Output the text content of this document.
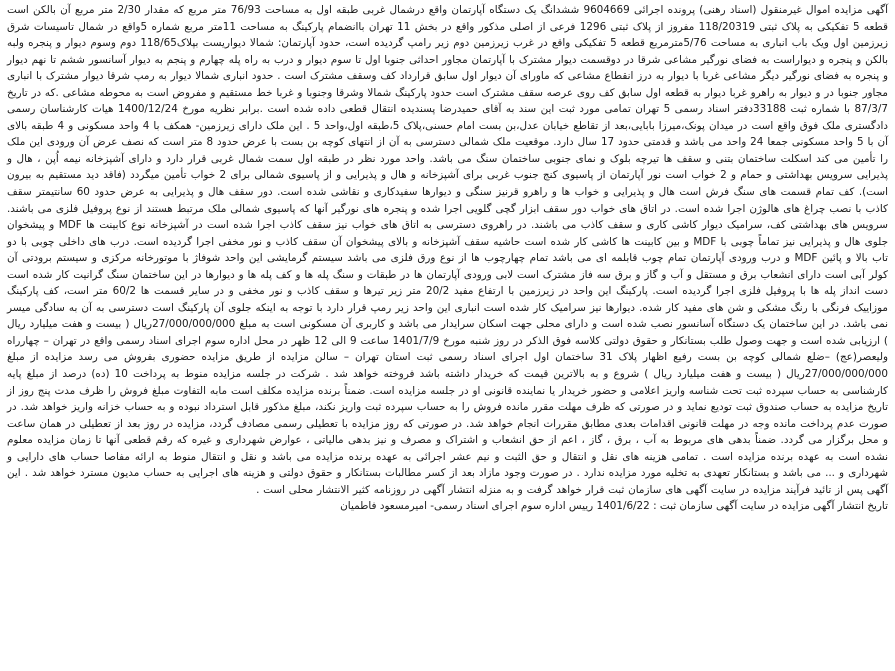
آگهی مزایده اموال غیرمنقول (اسناد رهنی) پرونده اجرائی 9604669 ششدانگ یک دستگاه آپارتمان واقع درشمال غربی طبقه اول به مساحت 76/93 متر مربع که مقدار 2/30 متر مربع آن بالکن است قطعه 5 تفکیکی به پلاک ثبتی 118/20319 مفروز از پلاک ثبتی 1296 فرعی از اصلی مذکور واقع در بخش 11 تهران باانضمام پارکینگ به مساحت 11متر مربع شماره 5واقع در شمال تاسیسات شرق زیرزمین اول ویک باب انباری به مساحت 5/76مترمربع قطعه 5 تفکیکی واقع در غرب زیرزمین دوم زیر رامپ گردیده است، حدود آپارتمان: شمالا دیواریست بپلاک118/65 دوم وسوم دیوار و پنجره ولبه بالکن و پنجره و دیواراست به فضای نورگیر مشاعی شرقا در دوقسمت دیوار مشترک با آپارتمان مجاور احداثی جنوبا اول تا سوم دیوار و درب به راه پله چهارم و پنجم به دیوار آسانسور ششم تا نهم دیوار و پنجره به فضای نورگیر دیگر مشاعی غربا با دیوار به درز انقطاع مشاعی که ماورای آن دیوار اول سابق قرارداد کف وسقف مشترک است . حدود انباری شمالا دیوار به رمپ شرقا دیوار مشترک با انباری مجاور جنوبا در و دیوار به راهرو غربا دیوار به قطعه اول سابق کف روی عرصه سقف مشترک است حدود پارکینگ شمالا وشرقا وجنوبا و غربا خط مستقیم و مفروض است به محوطه مشاعی .که در تاریخ 87/3/7 با شماره ثبت 33188دفتر اسناد رسمی 5 تهران تمامی مورد ثبت این سند به آقای حمیدرضا پسندیده انتقال قطعی داده شده است .برابر نظریه مورخ 1400/12/24 هیات کارشناسان رسمی دادگستری ملک فوق واقع است در میدان پونک،میرزا بابایی،بعد از تقاطع خیابان عدل،بن بست امام حسنی،پلاک 5،طبقه اول،واحد 5 . این ملک دارای زیرزمین- همکف با 4 واحد مسکونی و 4 طبقه بالای آن با 5 واحد مسکونی جمعا 24 واحد می باشد و قدمتی حدود 17 سال دارد. موقعیت ملک شمالی دسترسی به آن از انتهای کوچه بن بست با عرض حدود 8 متر است که نصف عرض آن ورودی این ملک را تأمین می کند اسکلت ساختمان بتنی و سقف ها تیرچه بلوک و نمای جنوبی ساختمان سنگ می باشد. واحد مورد نظر در طبقه اول سمت شمال غربی قرار دارد و دارای آشپزخانه نیمه اُپن ، هال و پذیرایی سرویس بهداشتی و حمام و 2 خواب است نور آپارتمان از پاسیوی کنج جنوب غربی برای آشپزخانه و هال و پذیرایی و از پاسیوی شمالی برای 2 خواب تأمین میگردد (فاقد دید مستقیم به بیرون است). کف تمام قسمت های سنگ فرش است هال و پذیرایی و خواب ها و راهرو قرنیز سنگی و دیوارها سفیدکاری و نقاشی شده است. دور سقف هال و پذیرایی به عرض حدود 60 سانتیمتر سقف کاذب با نصب چراغ های هالوژن اجرا شده است. در اتاق های خواب دور سقف ابزار گچی گلویی اجرا شده و پنجره های نورگیر آنها که پاسیوی شمالی ملک مرتبط هستند از نوع پروفیل فلزی می باشند. سرویس های بهداشتی کف، سرامیک دیوار کاشی کاری و سقف کاذب می باشند. در راهروی دسترسی به اتاق های خواب نیز سقف کاذب اجرا شده است در آشپزخانه نوع کابینت ها MDF و پیشخوان جلوی هال و پذیرایی نیز تماماً چوبی با MDF و بین کابینت ها کاشی کار شده است حاشیه سقف آشپزخانه و بالای پیشخوان آن سقف کاذب و نور مخفی اجرا گردیده است. درب های داخلی چوبی با دو تاب بالا و پائین MDF و درب ورودی آپارتمان تمام چوب قابلمه ای می باشد تمام چهارچوب ها از نوع ورق فلزی می باشد سیستم گرمایشی این واحد شوفاژ با موتورخانه مرکزی و سیستم برودتی آن کولر آبی است دارای انشعاب برق و مستقل و آب و گاز و برق سه فاز مشترک است لابی ورودی آپارتمان ها در طبقات و سنگ پله ها و کف پله ها و دیوارها در این ساختمان سنگ گرانیت کار شده است دست انداز پله ها با پروفیل فلزی اجرا گردیده است. پارکینگ این واحد در زیرزمین با ارتفاع مفید 20/2 متر زیر تیرها و سقف کاذب و نور مخفی و در سایر قسمت ها 60/2 متر است، کف پارکینگ موزاییک فرنگی با رنگ مشکی و شن های مفید کار شده. دیوارها نیز سرامیک کار شده است انباری این واحد زیر رمپ قرار دارد با توجه به اینکه جلوی آن پارکینگ است دسترسی به آن به سادگی میسر نمی باشد. در این ساختمان یک دستگاه آسانسور نصب شده است و دارای محلی جهت اسکان سرایدار می باشد و کاربری آن مسکونی است به مبلغ 27/000/000/000ریال ( بیست و هفت میلیارد ریال ) ارزیابی شده است و جهت وصول طلب بستانکار و حقوق دولتی کلاسه فوق الذکر در روز شنبه مورخ 1401/7/9 ساعت 9 الی 12 ظهر در محل اداره سوم اجرای اسناد رسمی واقع در تهران – چهارراه ولیعصر(عج) –ضلع شمالی کوچه بن بست رفیع اظهار پلاک 31 ساختمان اول اجرای اسناد رسمی ثبت استان تهران – سالن مزایده از طریق مزایده حضوری بفروش می رسد مزایده از مبلغ 27/000/000/000ریال ( بیست و هفت میلیارد ریال ) شروع و به بالاترین قیمت که خریدار داشته باشد فروخته خواهد شد . شرکت در جلسه مزایده منوط به پرداخت 10 (ده) درصد از مبلغ پایه کارشناسی به حساب سپرده ثبت تحت شناسه واریز اعلامی و حضور خریدار یا نماینده قانونی او در جلسه مزایده است. ضمناً برنده مزایده مکلف است مابه التفاوت مبلغ فروش را ظرف مدت پنج روز از تاریخ مزایده به حساب صندوق ثبت تودیع نماید و در صورتی که ظرف مهلت مقرر مانده فروش را به حساب سپرده ثبت واریز نکند، مبلغ مذکور قابل استرداد نبوده و به حساب خزانه واریز خواهد شد. در صورت عدم پرداخت مانده وجه در مهلت قانونی اقدامات بعدی مطابق مقررات انجام خواهد شد. در صورتی که روز مزایده با تعطیلی رسمی مصادف گردد، مزایده در روز بعد از تعطیلی در همان ساعت و محل برگزار می گردد. ضمناً بدهی های مربوط به آب ، برق ، گاز ، اعم از حق انشعاب و اشتراک و مصرف و نیز بدهی مالیاتی ، عوارض شهرداری و غیره که رقم قطعی آنها تا زمان مزایده معلوم نشده است به عهده برنده مزایده است . تمامی هزینه های نقل و انتقال و حق الثبت و نیم عشر اجرائی به عهده برنده مزایده می باشد و نقل و انتقال منوط به ارائه مفاصا حساب های دارایی و شهرداری و ... می باشد و بستانکار تعهدی به تخلیه مورد مزایده ندارد . در صورت وجود مازاد بعد از کسر مطالبات بستانکار و حقوق دولتی و هزینه های اجرایی به حساب مدیون مسترد خواهد شد . این آگهی پس از تائید فرآیند مزایده در سایت آگهی های سازمان ثبت قرار خواهد گرفت و به منزله انتشار آگهی در روزنامه کثیر الانتشار محلی است .

تاریخ انتشار آگهی مزایده در سایت آگهی سازمان ثبت : 1401/6/22 رییس اداره سوم اجرای اسناد رسمی- امیرمسعود فاطمیان
